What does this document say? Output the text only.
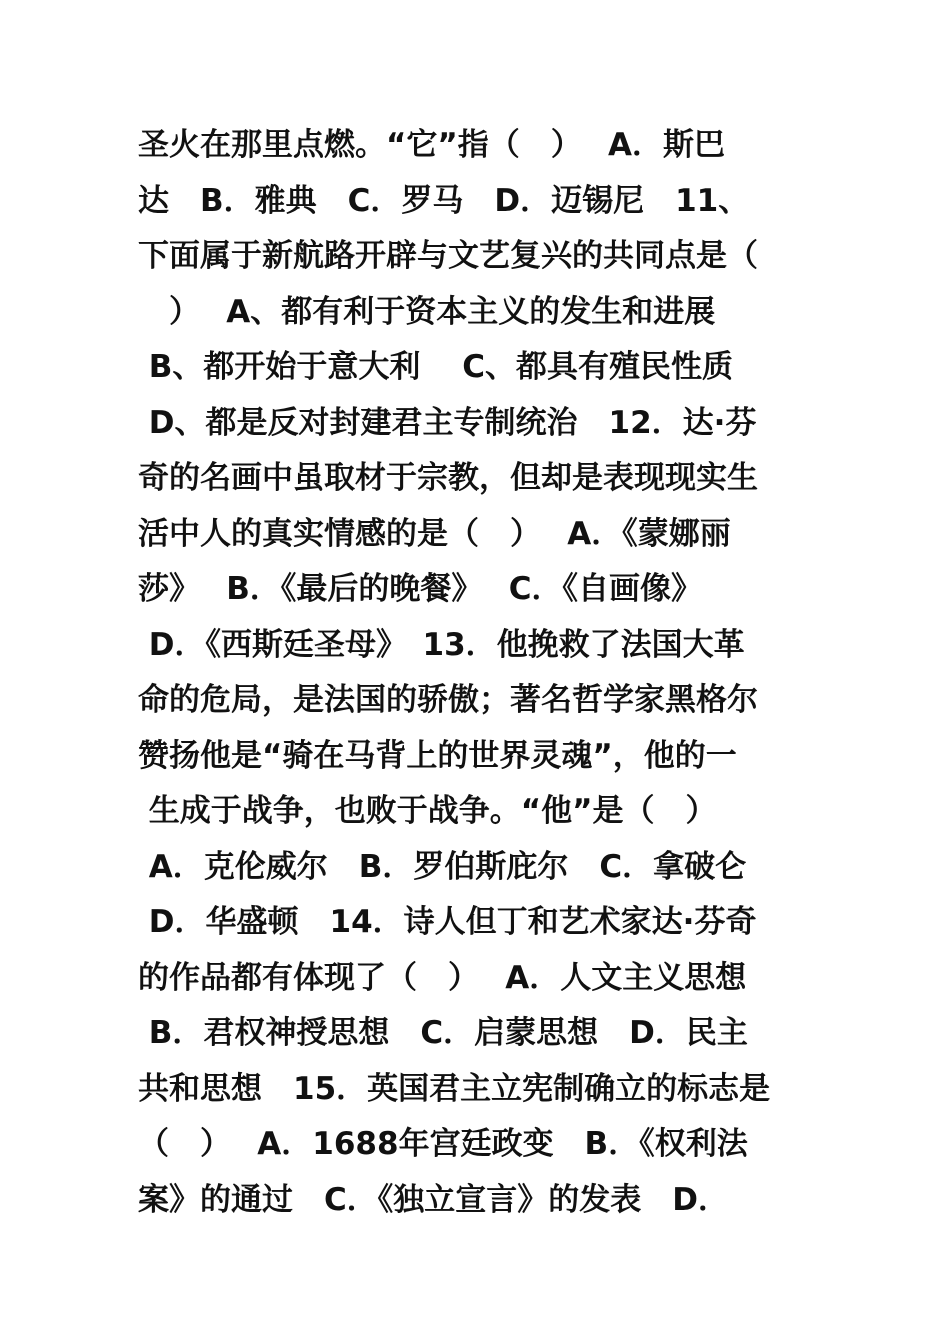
圣火在那里点燃。“它”指（　）　 A．斯巴
达　B．雅典　C．罗马　D．迈锡尼　11、
下面属于新航路开辟与文艺复兴的共同点是（
　）　 A、都有利于资本主义的发生和进展
B、都开始于意大利　 C、都具有殖民性质
D、都是反对封建君主专制统治　12．达·芬
奇的名画中虽取材于宗教，但却是表现现实生
活中人的真实情感的是（　）　 A．《蒙娜丽
莎》　 B．《最后的晚餐》　 C．《自画像》
D．《西斯廷圣母》　13．他挽救了法国大革
命的危局，是法国的骄傲；著名哲学家黑格尔
赞扬他是“骑在马背上的世界灵魂”，他的一
生成于战争，也败于战争。“他”是（　）
A．克伦威尔　B．罗伯斯庇尔　C．拿破仑
D．华盛顿　14．诗人但丁和艺术家达·芬奇
的作品都有体现了（　）　 A．人文主义思想
B．君权神授思想　C．启蒙思想　D．民主
共和思想　15．英国君主立宪制确立的标志是
（　）　 A．1688年宫廷政变　B．《权利法
案》的通过　C．《独立宣言》的发表　D．
